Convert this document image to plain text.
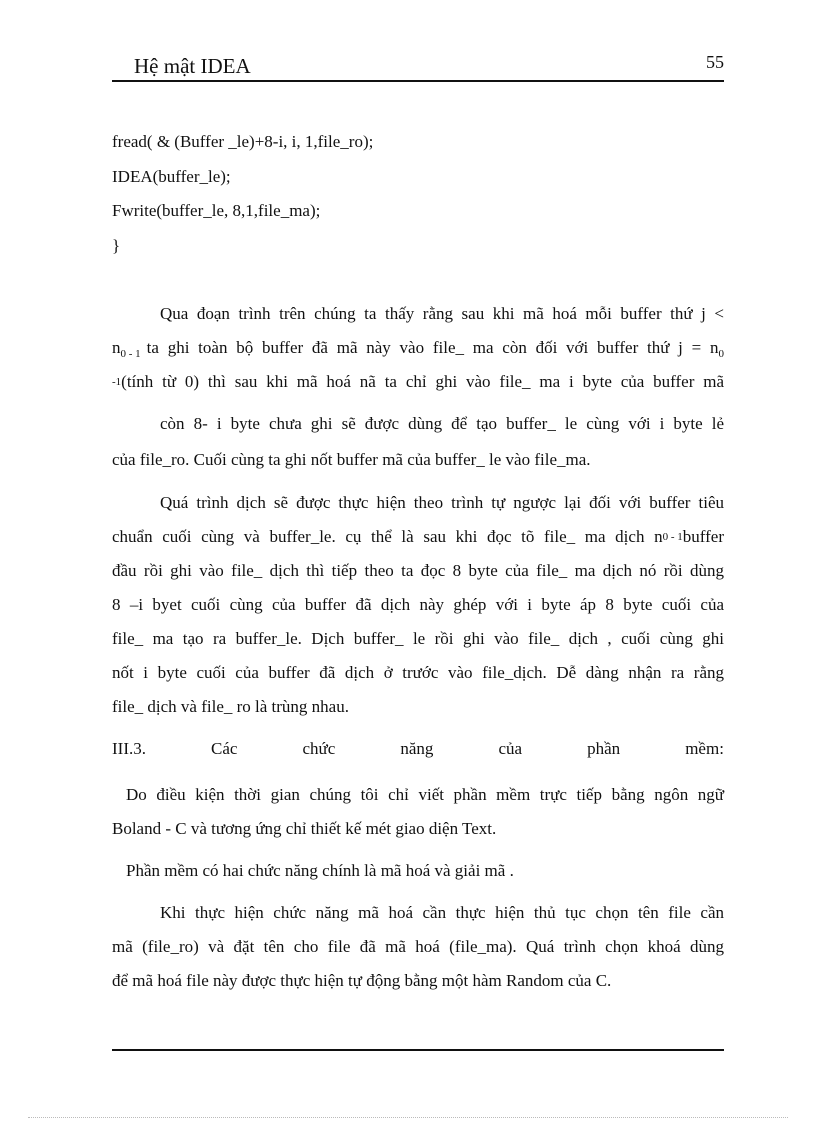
Hệ mật IDEA	55
fread( & (Buffer _le)+8-i, i, 1,file_ro);
IDEA(buffer_le);
Fwrite(buffer_le, 8,1,file_ma);
}
Qua đoạn trình trên chúng ta thấy rằng sau khi mã hoá mỗi buffer thứ j <
$n_{0 - 1}$ ta ghi toàn bộ buffer đã mã này vào file_ ma còn đối với buffer thứ $j = n_0$
-1 (tính từ 0) thì sau khi mã hoá nã ta chỉ ghi vào file_ ma i byte của buffer mã
còn 8- i byte chưa ghi sẽ được dùng để tạo buffer_ le cùng với i byte lẻ
của file_ro. Cuối cùng ta ghi nốt buffer mã của buffer_ le vào file_ma.
Quá trình dịch sẽ được thực hiện theo trình tự ngược lại đối với buffer tiêu
chuẩn cuối cùng và buffer_le. cụ thể là sau khi đọc tõ file_ ma dịch n 0 - 1 buffer
đầu rồi ghi vào file_ dịch thì tiếp theo ta đọc 8 byte của file_ ma dịch nó rồi dùng
8 –i byet cuối cùng của buffer đã dịch này ghép với i byte áp 8 byte cuối của
file_ ma tạo ra buffer_le. Dịch buffer_ le rồi ghi vào file_ dịch , cuối cùng ghi
nốt i byte cuối của buffer đã dịch ở trước vào file_dịch. Dễ dàng nhận ra rằng
file_ dịch và file_ ro là trùng nhau.
III.3.	Các	chức	năng	của	phần	mềm:
Do điều kiện thời gian chúng tôi chỉ viết phần mềm trực tiếp bằng ngôn ngữ
Boland - C và tương ứng chỉ thiết kế mét giao diện Text.
Phần mềm có hai chức năng chính là mã hoá và giải mã .
Khi thực hiện chức năng mã hoá cần thực hiện thủ tục chọn tên file cần
mã (file_ro) và đặt tên cho file đã mã hoá (file_ma). Quá trình chọn khoá dùng
để mã hoá file này được thực hiện tự động bằng một hàm Random của C.
